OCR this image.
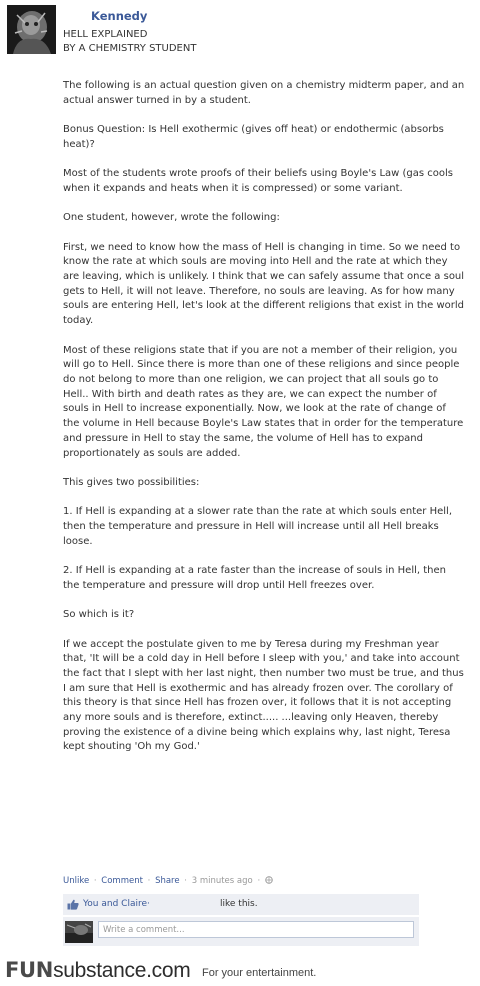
Kennedy
HELL EXPLAINED
BY A CHEMISTRY STUDENT

The following is an actual question given on a chemistry midterm paper, and an actual answer turned in by a student.

Bonus Question: Is Hell exothermic (gives off heat) or endothermic (absorbs heat)?

Most of the students wrote proofs of their beliefs using Boyle's Law (gas cools when it expands and heats when it is compressed) or some variant.

One student, however, wrote the following:

First, we need to know how the mass of Hell is changing in time. So we need to know the rate at which souls are moving into Hell and the rate at which they are leaving, which is unlikely. I think that we can safely assume that once a soul gets to Hell, it will not leave. Therefore, no souls are leaving. As for how many souls are entering Hell, let's look at the different religions that exist in the world today.

Most of these religions state that if you are not a member of their religion, you will go to Hell. Since there is more than one of these religions and since people do not belong to more than one religion, we can project that all souls go to Hell.. With birth and death rates as they are, we can expect the number of souls in Hell to increase exponentially. Now, we look at the rate of change of the volume in Hell because Boyle's Law states that in order for the temperature and pressure in Hell to stay the same, the volume of Hell has to expand proportionately as souls are added.

This gives two possibilities:

1. If Hell is expanding at a slower rate than the rate at which souls enter Hell, then the temperature and pressure in Hell will increase until all Hell breaks loose.

2. If Hell is expanding at a rate faster than the increase of souls in Hell, then the temperature and pressure will drop until Hell freezes over.

So which is it?

If we accept the postulate given to me by Teresa during my Freshman year that, 'It will be a cold day in Hell before I sleep with you,' and take into account the fact that I slept with her last night, then number two must be true, and thus I am sure that Hell is exothermic and has already frozen over. The corollary of this theory is that since Hell has frozen over, it follows that it is not accepting any more souls and is therefore, extinct..... ...leaving only Heaven, thereby proving the existence of a divine being which explains why, last night, Teresa kept shouting 'Oh my God.'

Unlike · Comment · Share · 3 minutes ago ·
You and Claire·	like this.
Write a comment...
FUNsubstance.com For your entertainment.
